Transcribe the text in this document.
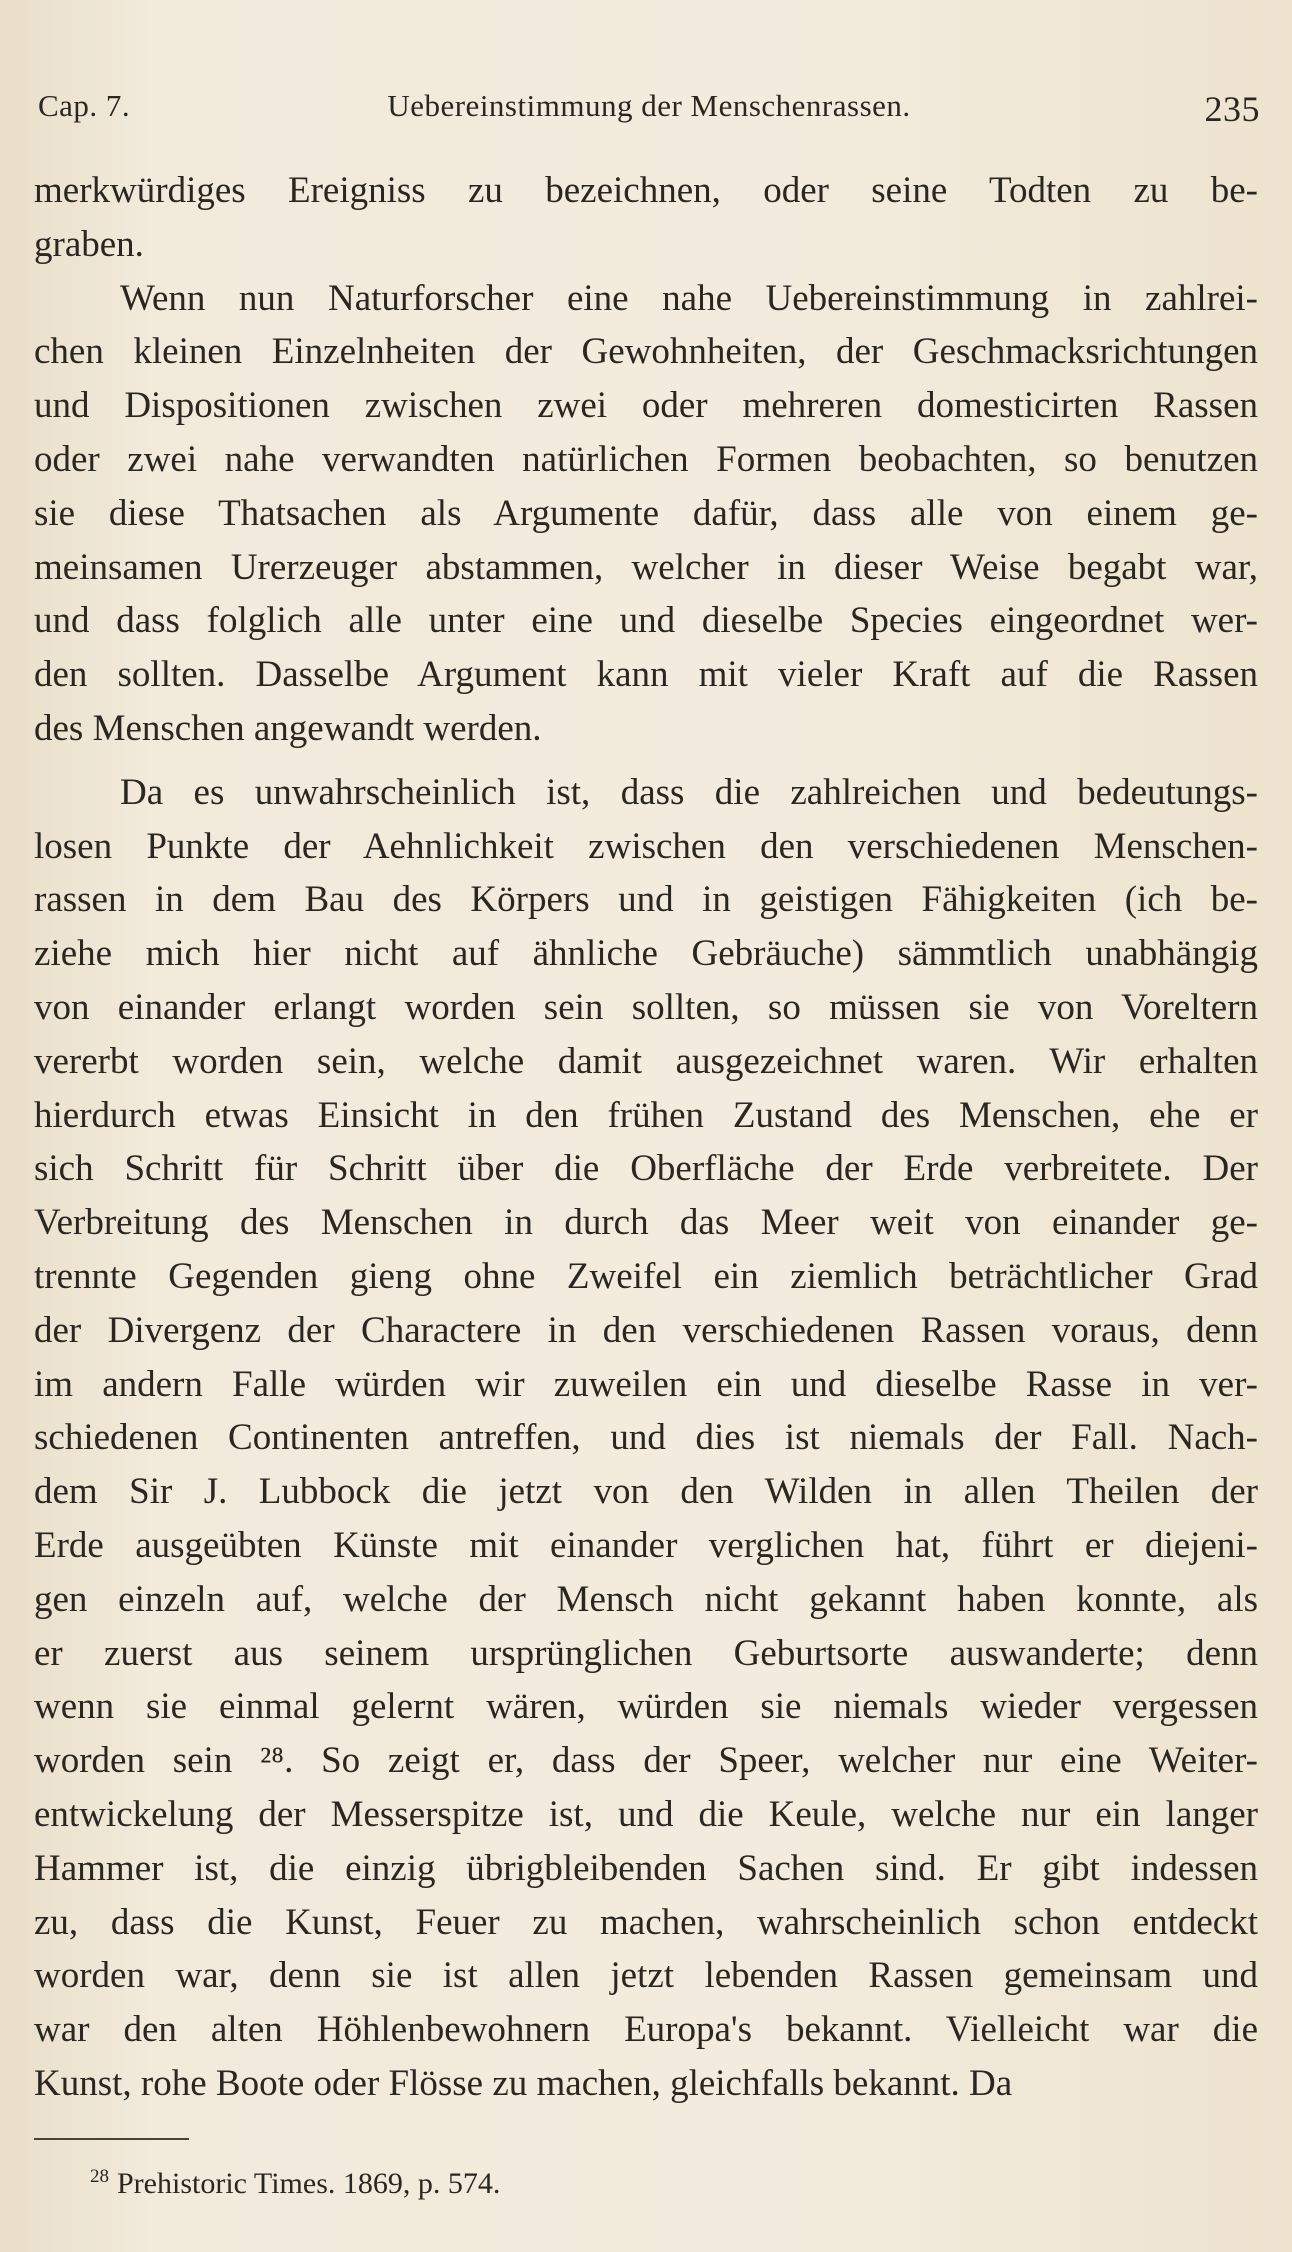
Cap. 7.	Uebereinstimmung der Menschenrassen.	235
merkwürdiges Ereigniss zu bezeichnen, oder seine Todten zu be-
graben.
Wenn nun Naturforscher eine nahe Uebereinstimmung in zahlrei-
chen kleinen Einzelnheiten der Gewohnheiten, der Geschmacksrichtungen
und Dispositionen zwischen zwei oder mehreren domesticirten Rassen
oder zwei nahe verwandten natürlichen Formen beobachten, so benutzen
sie diese Thatsachen als Argumente dafür, dass alle von einem ge-
meinsamen Urerzeuger abstammen, welcher in dieser Weise begabt war,
und dass folglich alle unter eine und dieselbe Species eingeordnet wer-
den sollten. Dasselbe Argument kann mit vieler Kraft auf die Rassen
des Menschen angewandt werden.
Da es unwahrscheinlich ist, dass die zahlreichen und bedeutungs-
losen Punkte der Aehnlichkeit zwischen den verschiedenen Menschen-
rassen in dem Bau des Körpers und in geistigen Fähigkeiten (ich be-
ziehe mich hier nicht auf ähnliche Gebräuche) sämmtlich unabhängig
von einander erlangt worden sein sollten, so müssen sie von Voreltern
vererbt worden sein, welche damit ausgezeichnet waren. Wir erhalten
hierdurch etwas Einsicht in den frühen Zustand des Menschen, ehe er
sich Schritt für Schritt über die Oberfläche der Erde verbreitete. Der
Verbreitung des Menschen in durch das Meer weit von einander ge-
trennte Gegenden gieng ohne Zweifel ein ziemlich beträchtlicher Grad
der Divergenz der Charactere in den verschiedenen Rassen voraus, denn
im andern Falle würden wir zuweilen ein und dieselbe Rasse in ver-
schiedenen Continenten antreffen, und dies ist niemals der Fall. Nach-
dem Sir J. Lubbock die jetzt von den Wilden in allen Theilen der
Erde ausgeübten Künste mit einander verglichen hat, führt er diejeni-
gen einzeln auf, welche der Mensch nicht gekannt haben konnte, als
er zuerst aus seinem ursprünglichen Geburtsorte auswanderte; denn
wenn sie einmal gelernt wären, würden sie niemals wieder vergessen
worden sein ²⁸. So zeigt er, dass der Speer, welcher nur eine Weiter-
entwickelung der Messerspitze ist, und die Keule, welche nur ein langer
Hammer ist, die einzig übrigbleibenden Sachen sind. Er gibt indessen
zu, dass die Kunst, Feuer zu machen, wahrscheinlich schon entdeckt
worden war, denn sie ist allen jetzt lebenden Rassen gemeinsam und
war den alten Höhlenbewohnern Europa's bekannt. Vielleicht war die
Kunst, rohe Boote oder Flösse zu machen, gleichfalls bekannt. Da
$^{28}$ Prehistoric Times. 1869, p. 574.
